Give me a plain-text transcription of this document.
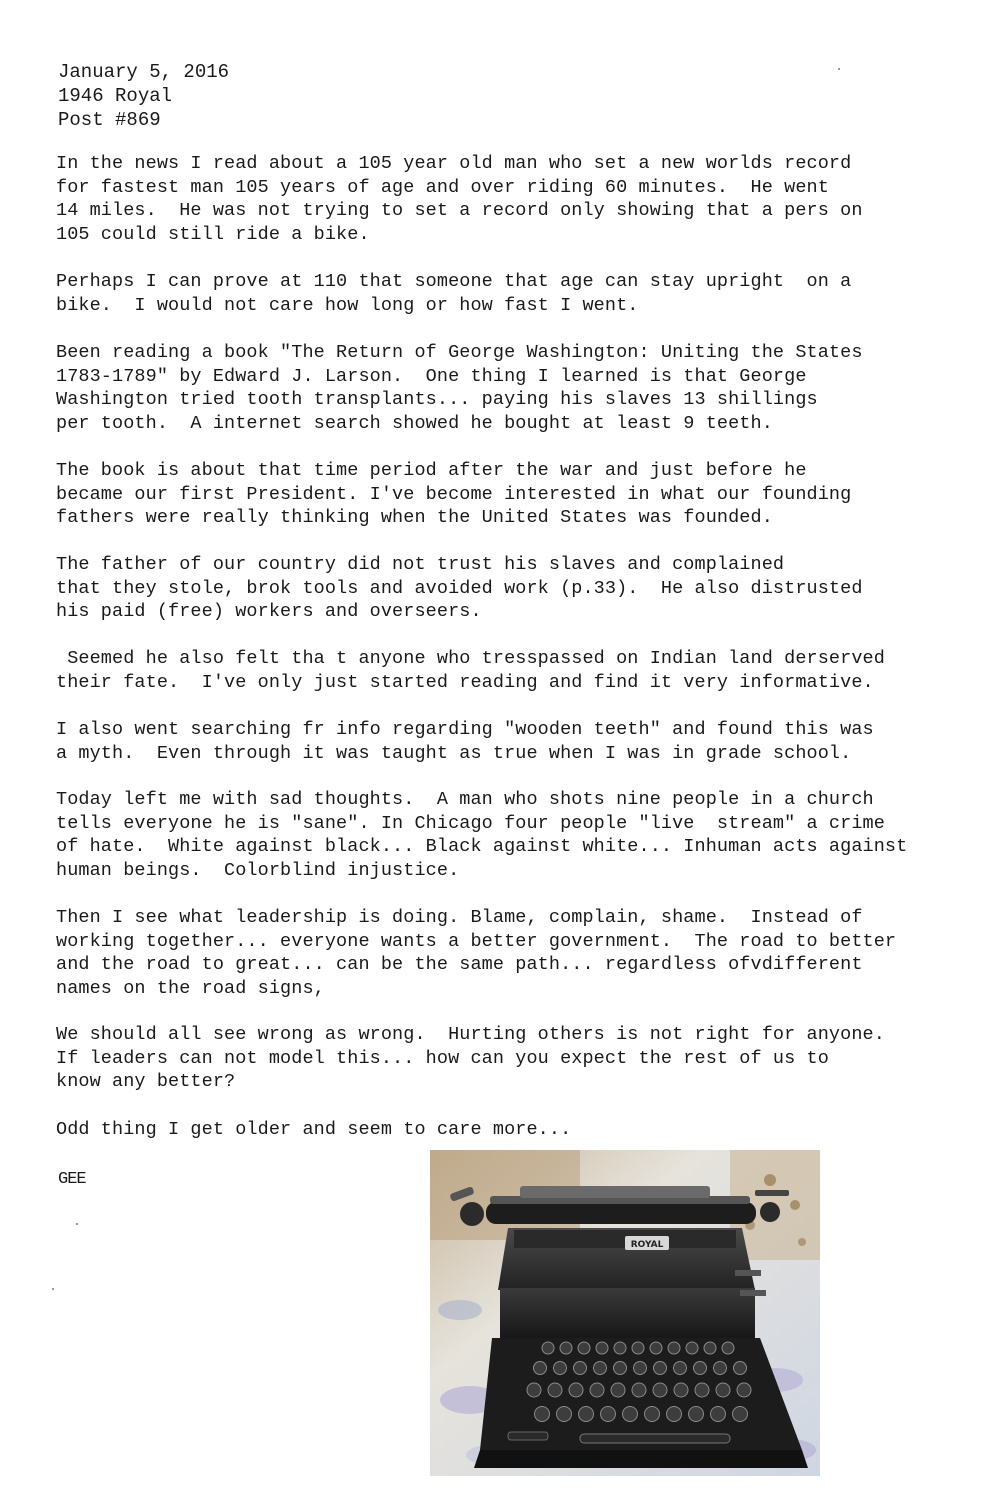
January 5, 2016
1946 Royal
Post #869
In the news I read about a 105 year old man who set a new worlds record
for fastest man 105 years of age and over riding 60 minutes.  He went
14 miles.  He was not trying to set a record only showing that a pers on
105 could still ride a bike.
Perhaps I can prove at 110 that someone that age can stay upright  on a
bike.  I would not care how long or how fast I went.
Been reading a book "The Return of George Washington: Uniting the States
1783-1789" by Edward J. Larson.  One thing I learned is that George
Washington tried tooth transplants... paying his slaves 13 shillings
per tooth.  A internet search showed he bought at least 9 teeth.
The book is about that time period after the war and just before he
became our first President. I've become interested in what our founding
fathers were really thinking when the United States was founded.
The father of our country did not trust his slaves and complained
that they stole, brok tools and avoided work (p.33).  He also distrusted
his paid (free) workers and overseers.
Seemed he also felt tha t anyone who tresspassed on Indian land derserved
their fate.  I've only just started reading and find it very informative.
I also went searching fr info regarding "wooden teeth" and found this was
a myth.  Even through it was taught as true when I was in grade school.
Today left me with sad thoughts.  A man who shots nine people in a church
tells everyone he is "sane". In Chicago four people "live  stream" a crime
of hate.  White against black... Black against white... Inhuman acts against
human beings.  Colorblind injustice.
Then I see what leadership is doing. Blame, complain, shame.  Instead of
working together... everyone wants a better government.  The road to better
and the road to great... can be the same path... regardless ofvdifferent
names on the road signs,
We should all see wrong as wrong.  Hurting others is not right for anyone.
If leaders can not model this... how can you expect the rest of us to
know any better?
Odd thing I get older and seem to care more...
GEE
ROYAL
